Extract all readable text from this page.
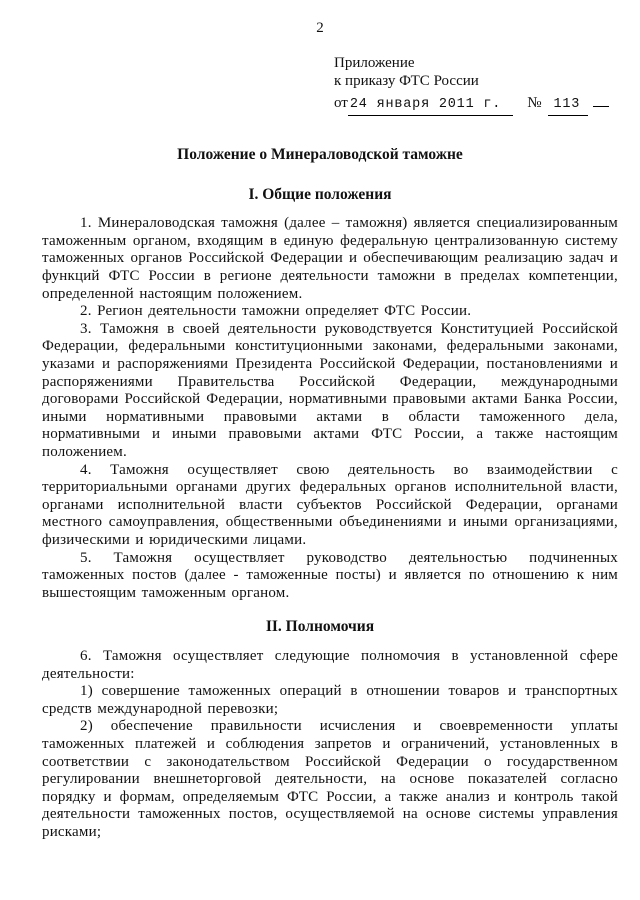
2
Приложение
к приказу ФТС России
от 24 января 2011 г. № 113
Положение о Минераловодской таможне
I. Общие положения

1. Минераловодская таможня (далее – таможня) является специализированным таможенным органом, входящим в единую федеральную централизованную систему таможенных органов Российской Федерации и обеспечивающим реализацию задач и функций ФТС России в регионе деятельности таможни в пределах компетенции, определенной настоящим положением.

2. Регион деятельности таможни определяет ФТС России.

3. Таможня в своей деятельности руководствуется Конституцией Российской Федерации, федеральными конституционными законами, федеральными законами, указами и распоряжениями Президента Российской Федерации, постановлениями и распоряжениями Правительства Российской Федерации, международными договорами Российской Федерации, нормативными правовыми актами Банка России, иными нормативными правовыми актами в области таможенного дела, нормативными и иными правовыми актами ФТС России, а также настоящим положением.

4. Таможня осуществляет свою деятельность во взаимодействии с территориальными органами других федеральных органов исполнительной власти, органами исполнительной власти субъектов Российской Федерации, органами местного самоуправления, общественными объединениями и иными организациями, физическими и юридическими лицами.

5. Таможня осуществляет руководство деятельностью подчиненных таможенных постов (далее - таможенные посты) и является по отношению к ним вышестоящим таможенным органом.

II. Полномочия

6. Таможня осуществляет следующие полномочия в установленной сфере деятельности:

1) совершение таможенных операций в отношении товаров и транспортных средств международной перевозки;

2) обеспечение правильности исчисления и своевременности уплаты таможенных платежей и соблюдения запретов и ограничений, установленных в соответствии с законодательством Российской Федерации о государственном регулировании внешнеторговой деятельности, на основе показателей согласно порядку и формам, определяемым ФТС России, а также анализ и контроль такой деятельности таможенных постов, осуществляемой на основе системы управления рисками;
